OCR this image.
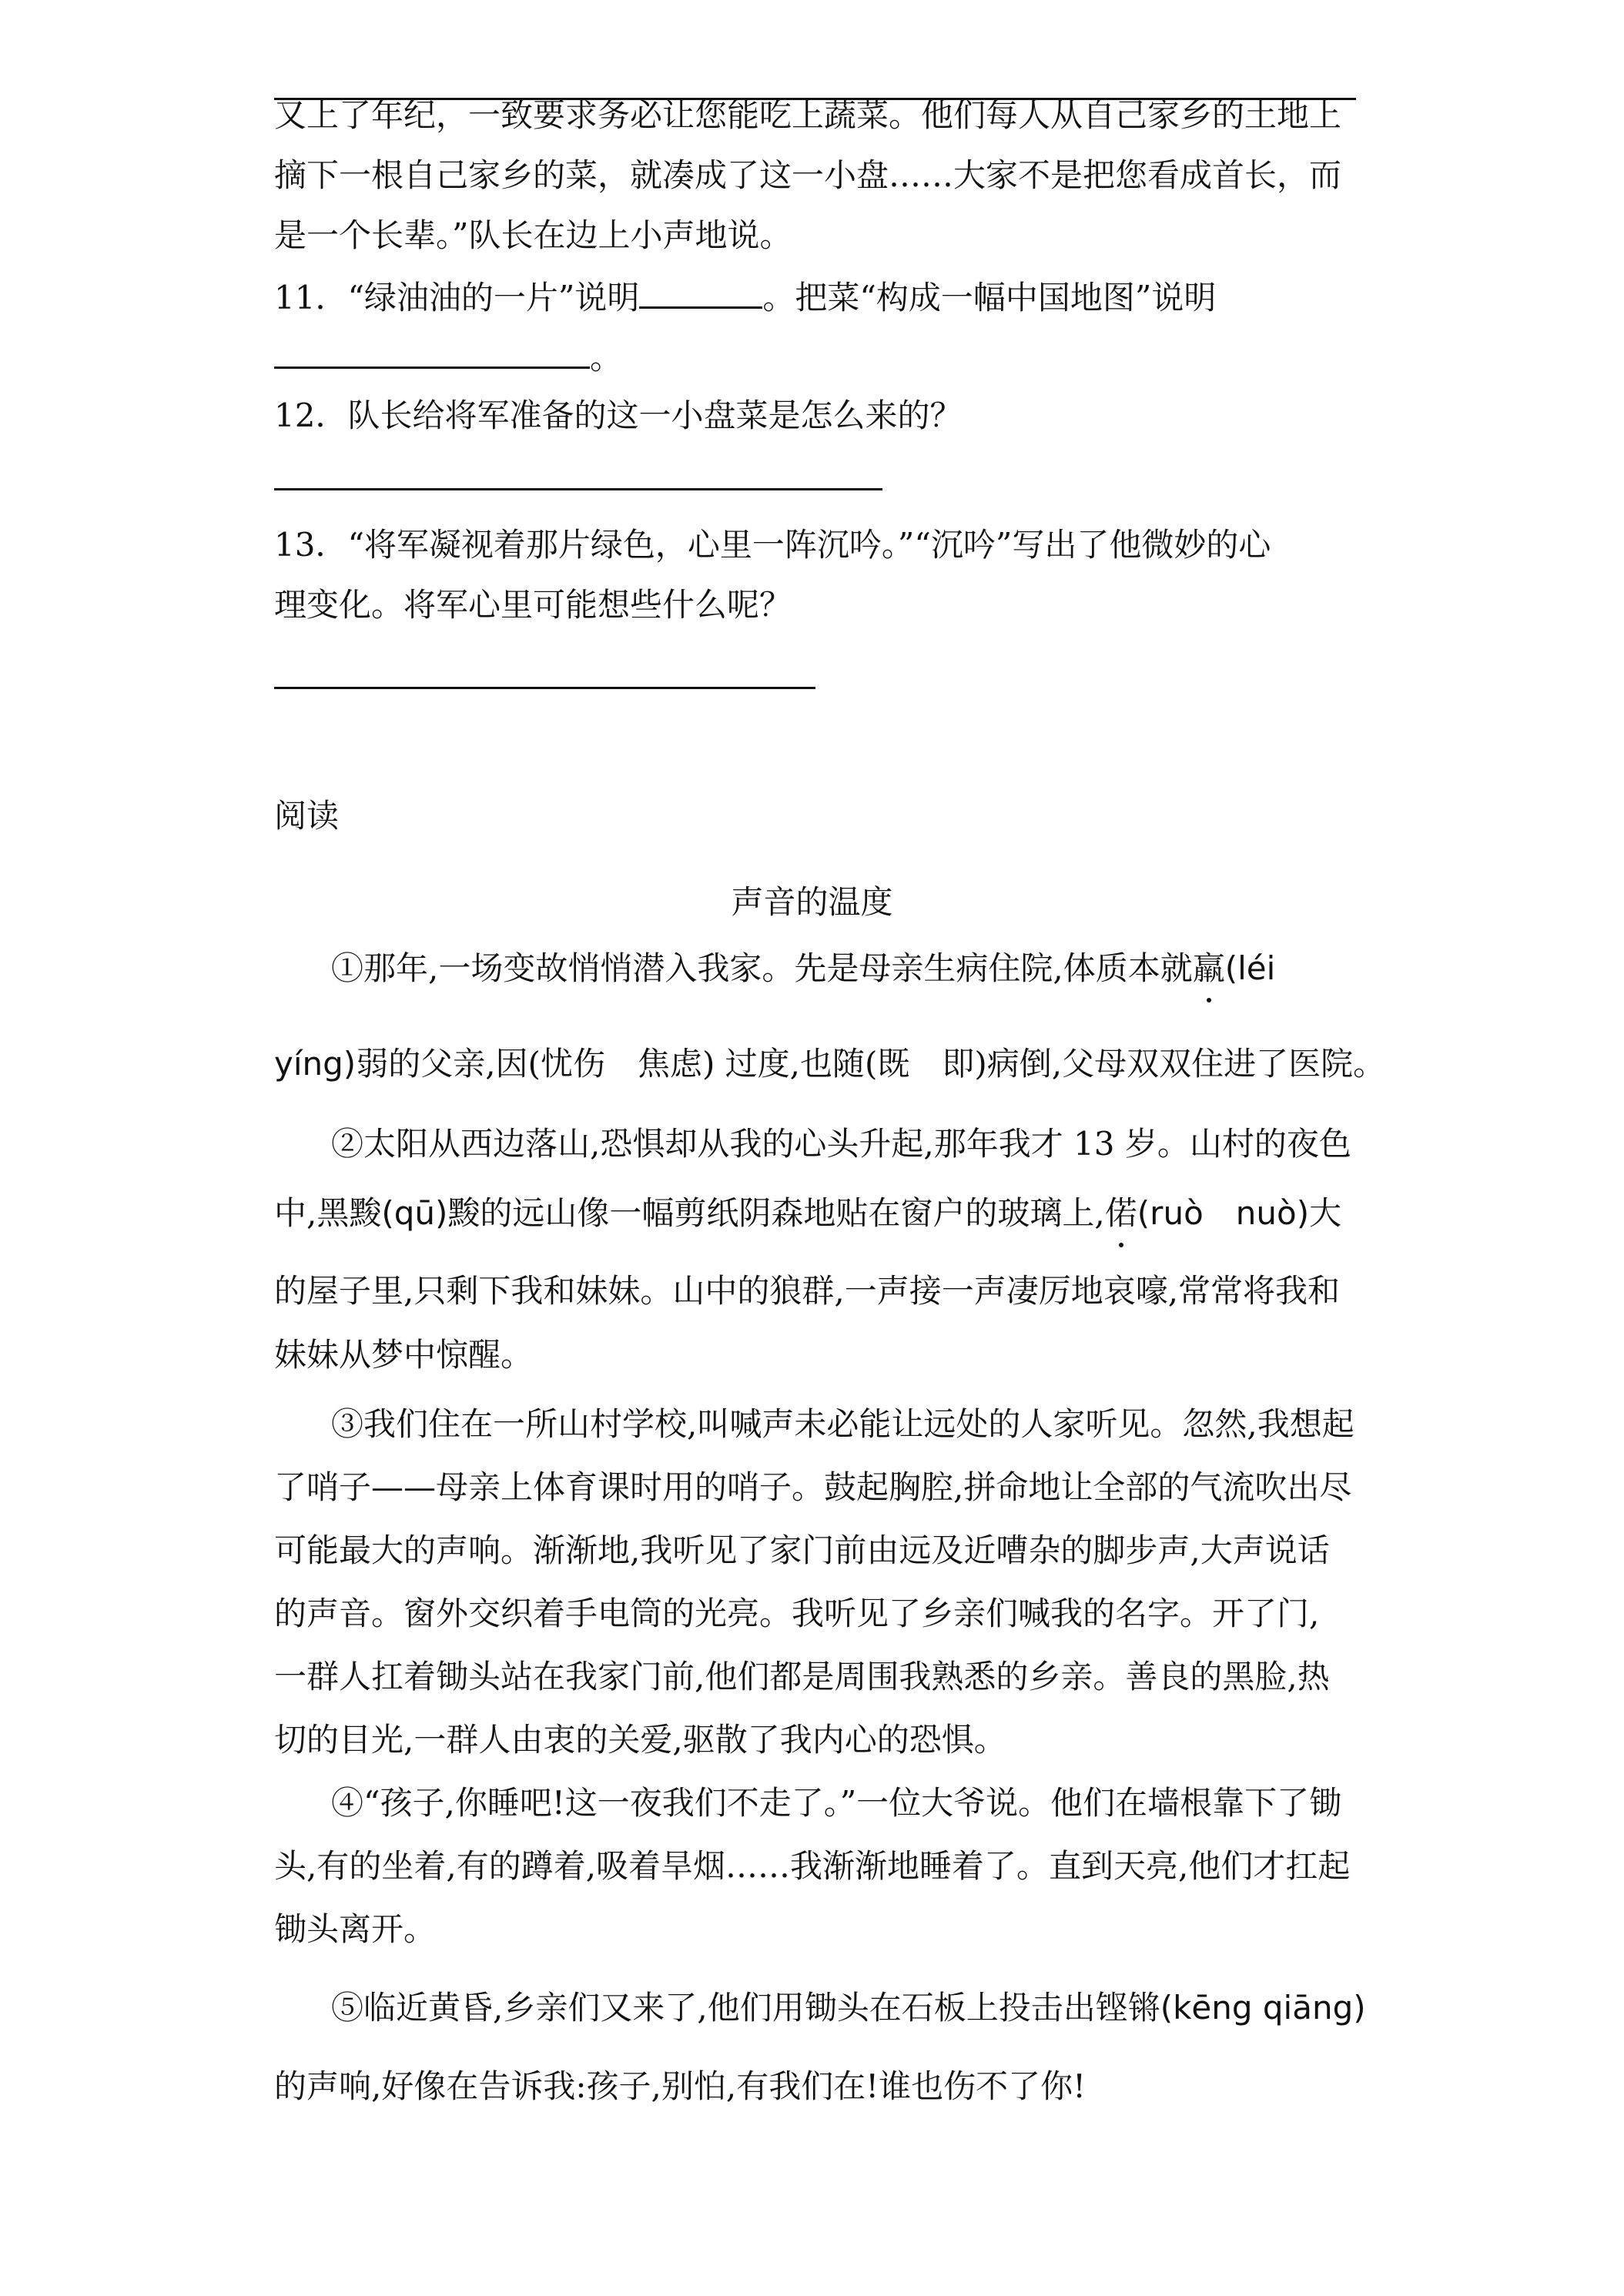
又上了年纪，一致要求务必让您能吃上蔬菜。他们每人从自己家乡的土地上
摘下一根自己家乡的菜，就凑成了这一小盘……大家不是把您看成首长，而
是一个长辈。”队长在边上小声地说。
11．“绿油油的一片”说明	。把菜“构成一幅中国地图”说明
。
12．队长给将军准备的这一小盘菜是怎么来的？
13．“将军凝视着那片绿色，心里一阵沉吟。”“沉吟”写出了他微妙的心
理变化。将军心里可能想些什么呢？
阅读
声音的温度
①那年,一场变故悄悄潜入我家。先是母亲生病住院,体质本就羸(léi
yíng)弱的父亲,因(忧伤　焦虑) 过度,也随(既　即)病倒,父母双双住进了医院。
②太阳从西边落山,恐惧却从我的心头升起,那年我才 13 岁。山村的夜色
中,黑黢(qū)黢的远山像一幅剪纸阴森地贴在窗户的玻璃上,偌(ruò　nuò)大
的屋子里,只剩下我和妹妹。山中的狼群,一声接一声凄厉地哀嚎,常常将我和
妹妹从梦中惊醒。
③我们住在一所山村学校,叫喊声未必能让远处的人家听见。忽然,我想起
了哨子——母亲上体育课时用的哨子。鼓起胸腔,拼命地让全部的气流吹出尽
可能最大的声响。渐渐地,我听见了家门前由远及近嘈杂的脚步声,大声说话
的声音。窗外交织着手电筒的光亮。我听见了乡亲们喊我的名字。开了门,
一群人扛着锄头站在我家门前,他们都是周围我熟悉的乡亲。善良的黑脸,热
切的目光,一群人由衷的关爱,驱散了我内心的恐惧。
④“孩子,你睡吧!这一夜我们不走了。”一位大爷说。他们在墙根靠下了锄
头,有的坐着,有的蹲着,吸着旱烟……我渐渐地睡着了。直到天亮,他们才扛起
锄头离开。
⑤临近黄昏,乡亲们又来了,他们用锄头在石板上投击出铿锵(kēng qiāng)
的声响,好像在告诉我:孩子,别怕,有我们在!谁也伤不了你!
